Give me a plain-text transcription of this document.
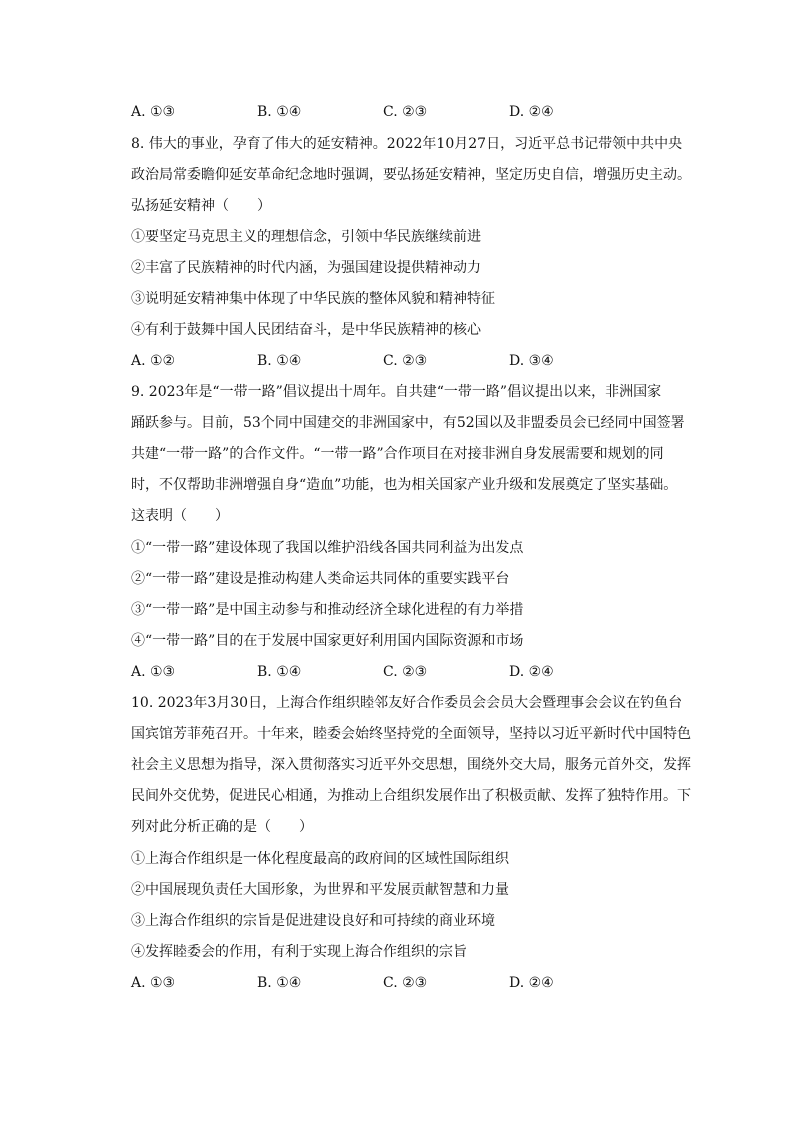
A. ①③	B. ①④	C. ②③	D. ②④
8. 伟大的事业，孕育了伟大的延安精神。2022年10月27日，习近平总书记带领中共中央
政治局常委瞻仰延安革命纪念地时强调，要弘扬延安精神，坚定历史自信，增强历史主动。
弘扬延安精神（　　）
①要坚定马克思主义的理想信念，引领中华民族继续前进
②丰富了民族精神的时代内涵，为强国建设提供精神动力
③说明延安精神集中体现了中华民族的整体风貌和精神特征
④有利于鼓舞中国人民团结奋斗，是中华民族精神的核心
A. ①②	B. ①④	C. ②③	D. ③④
9. 2023年是“一带一路”倡议提出十周年。自共建“一带一路”倡议提出以来，非洲国家
踊跃参与。目前，53个同中国建交的非洲国家中，有52国以及非盟委员会已经同中国签署
共建“一带一路”的合作文件。“一带一路”合作项目在对接非洲自身发展需要和规划的同
时，不仅帮助非洲增强自身“造血”功能，也为相关国家产业升级和发展奠定了坚实基础。
这表明（　　）
①“一带一路”建设体现了我国以维护沿线各国共同利益为出发点
②“一带一路”建设是推动构建人类命运共同体的重要实践平台
③“一带一路”是中国主动参与和推动经济全球化进程的有力举措
④“一带一路”目的在于发展中国家更好利用国内国际资源和市场
A. ①③	B. ①④	C. ②③	D. ②④
10. 2023年3月30日，上海合作组织睦邻友好合作委员会会员大会暨理事会会议在钓鱼台
国宾馆芳菲苑召开。十年来，睦委会始终坚持党的全面领导，坚持以习近平新时代中国特色
社会主义思想为指导，深入贯彻落实习近平外交思想，围绕外交大局，服务元首外交，发挥
民间外交优势，促进民心相通，为推动上合组织发展作出了积极贡献、发挥了独特作用。下
列对此分析正确的是（　　）
①上海合作组织是一体化程度最高的政府间的区域性国际组织
②中国展现负责任大国形象，为世界和平发展贡献智慧和力量
③上海合作组织的宗旨是促进建设良好和可持续的商业环境
④发挥睦委会的作用，有利于实现上海合作组织的宗旨
A. ①③	B. ①④	C. ②③	D. ②④
